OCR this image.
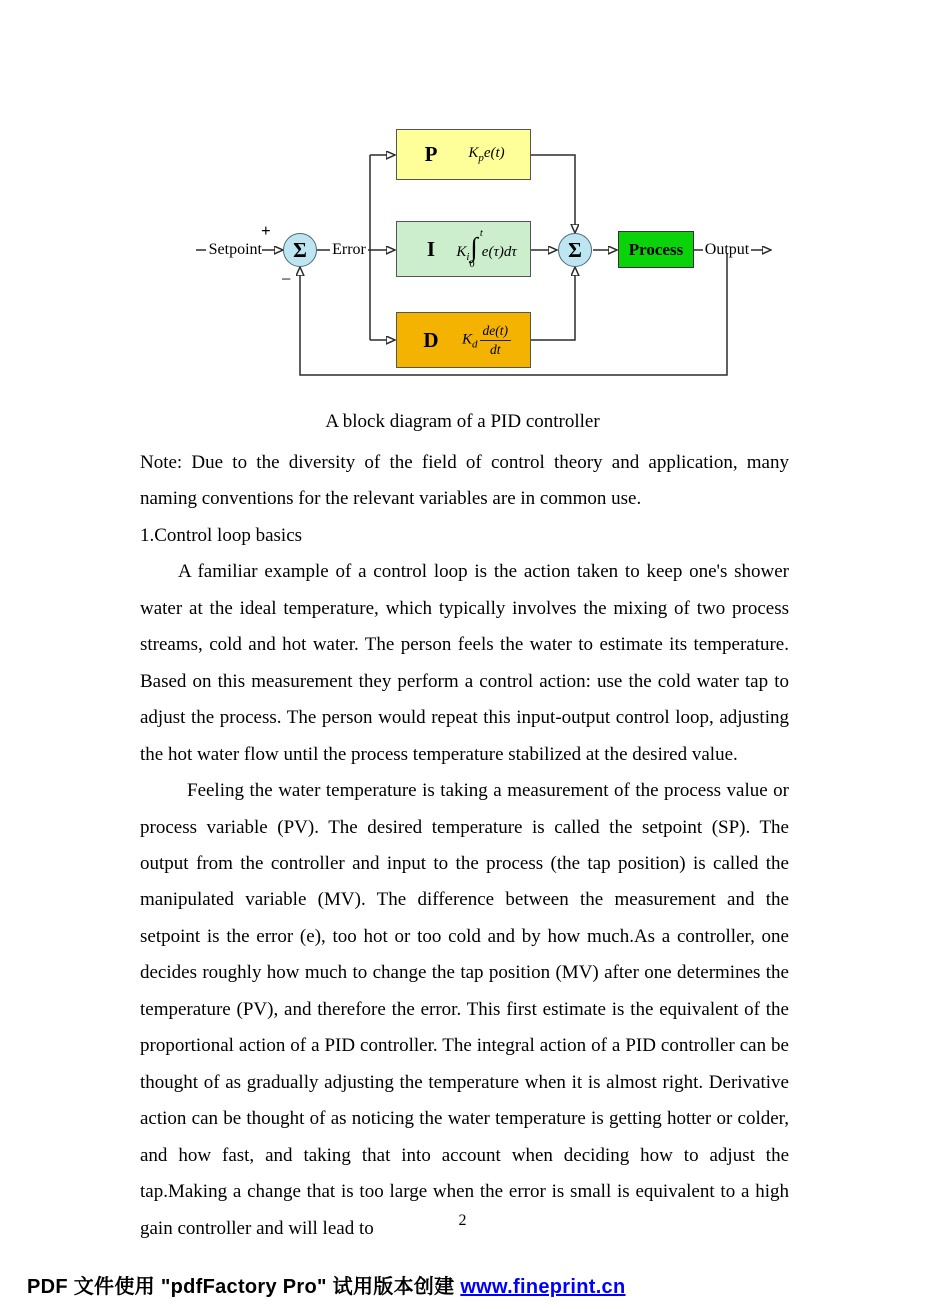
Σ	Σ
P	$K_pe(t)$
I	$K_i\int$ t
0
e(τ)dτ
D	$K_d \frac{de(t)}{dt}$
Process
Setpoint
+
−
Error	Output
A block diagram of a PID controller

Note: Due to the diversity of the field of control theory and application, many naming conventions for the relevant variables are in common use.

1.Control loop basics

A familiar example of a control loop is the action taken to keep one's shower water at the ideal temperature, which typically involves the mixing of two process streams, cold and hot water. The person feels the water to estimate its temperature. Based on this measurement they perform a control action: use the cold water tap to adjust the process. The person would repeat this input-output control loop, adjusting the hot water flow until the process temperature stabilized at the desired value.

Feeling the water temperature is taking a measurement of the process value or process variable (PV). The desired temperature is called the setpoint (SP). The output from the controller and input to the process (the tap position) is called the manipulated variable (MV). The difference between the measurement and the setpoint is the error (e), too hot or too cold and by how much.As a controller, one decides roughly how much to change the tap position (MV) after one determines the temperature (PV), and therefore the error. This first estimate is the equivalent of the proportional action of a PID controller. The integral action of a PID controller can be thought of as gradually adjusting the temperature when it is almost right. Derivative action can be thought of as noticing the water temperature is getting hotter or colder, and how fast, and taking that into account when deciding how to adjust the tap.Making a change that is too large when the error is small is equivalent to a high gain controller and will lead to	2
PDF 文件使用 "pdfFactory Pro" 试用版本创建 www.fineprint.cn
